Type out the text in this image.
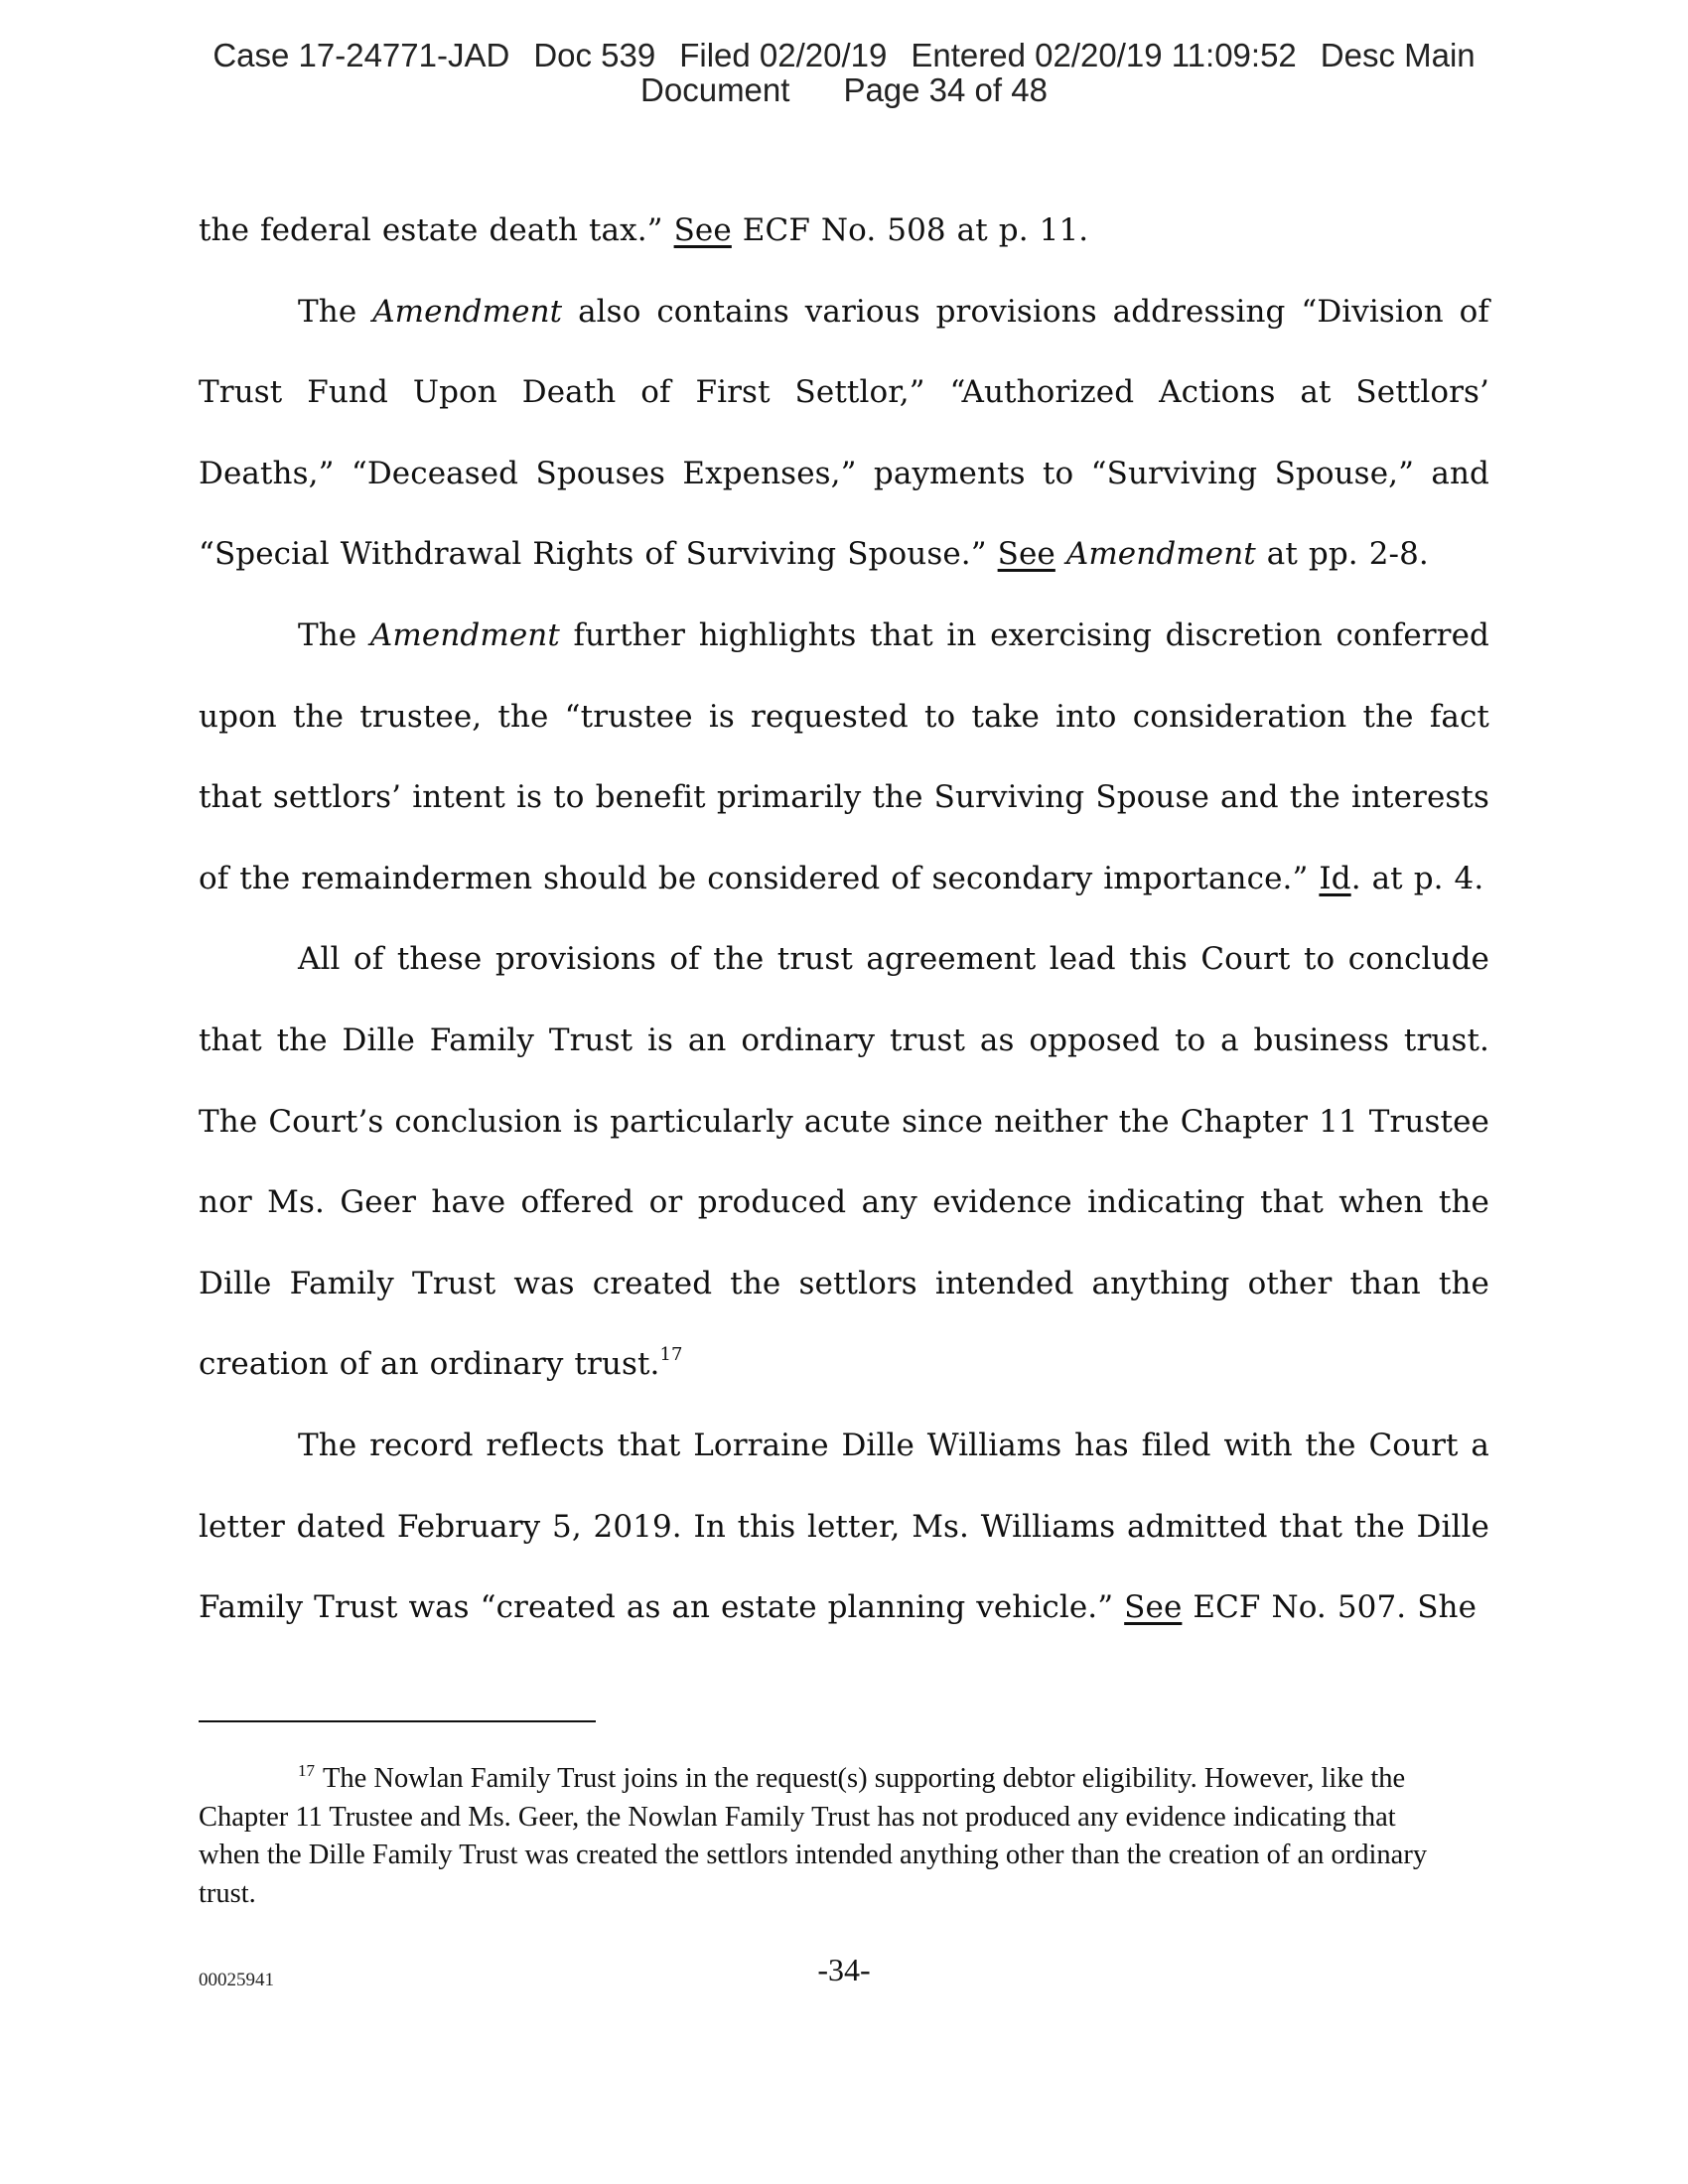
Case 17-24771-JAD Doc 539 Filed 02/20/19 Entered 02/20/19 11:09:52 Desc Main
Document Page 34 of 48

the federal estate death tax.” See ECF No. 508 at p. 11.

The Amendment also contains various provisions addressing “Division of Trust Fund Upon Death of First Settlor,” “Authorized Actions at Settlors’ Deaths,” “Deceased Spouses Expenses,” payments to “Surviving Spouse,” and “Special Withdrawal Rights of Surviving Spouse.” See Amendment at pp. 2-8.

The Amendment further highlights that in exercising discretion conferred upon the trustee, the “trustee is requested to take into consideration the fact that settlors’ intent is to benefit primarily the Surviving Spouse and the interests of the remaindermen should be considered of secondary importance.” Id. at p. 4.

All of these provisions of the trust agreement lead this Court to conclude that the Dille Family Trust is an ordinary trust as opposed to a business trust. The Court’s conclusion is particularly acute since neither the Chapter 11 Trustee nor Ms. Geer have offered or produced any evidence indicating that when the Dille Family Trust was created the settlors intended anything other than the creation of an ordinary trust.$^{17}$

The record reflects that Lorraine Dille Williams has filed with the Court a letter dated February 5, 2019. In this letter, Ms. Williams admitted that the Dille Family Trust was “created as an estate planning vehicle.” See ECF No. 507. She

$^{17}$ The Nowlan Family Trust joins in the request(s) supporting debtor eligibility. However, like the Chapter 11 Trustee and Ms. Geer, the Nowlan Family Trust has not produced any evidence indicating that when the Dille Family Trust was created the settlors intended anything other than the creation of an ordinary trust.

00025941	-34-
